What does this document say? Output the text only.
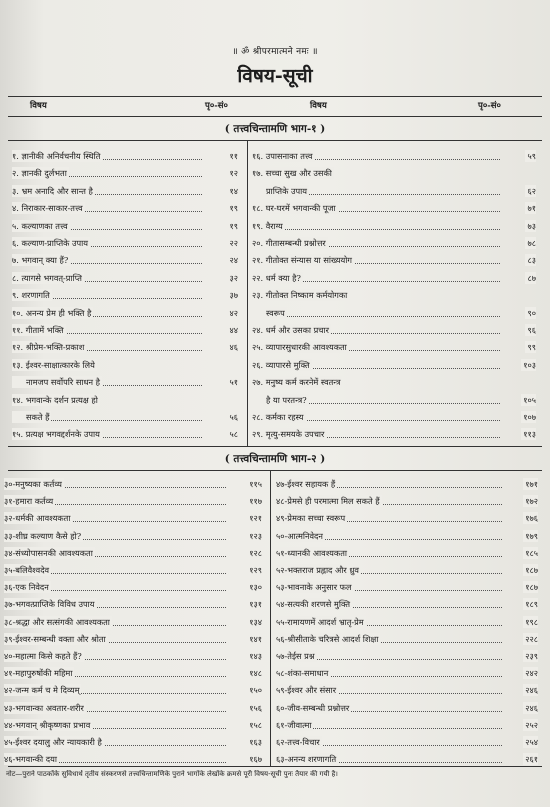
॥ ॐ श्रीपरमात्मने नमः ॥
विषय-सूची
विषय	पृ०-सं०	विषय	पृ०-सं०
( तत्त्वचिन्तामणि भाग-१ )
१. ज्ञानीकी अनिर्वचनीय स्थिति	११
२. ज्ञानकी दुर्लभता	१२
३. भ्रम अनादि और सान्त है	१४
४. निराकार-साकार-तत्त्व	१९
५. कल्याणका तत्त्व	१९
६. कल्याण-प्राप्तिके उपाय	२२
७. भगवान् क्या हैं?	२४
८. त्यागसे भगवत्-प्राप्ति	३२
९. शरणागति	३७
१०. अनन्य प्रेम ही भक्ति है	४२
११. गीतामें भक्ति	४४
१२. श्रीप्रेम-भक्ति-प्रकाश	४६
१३. ईश्वर-साक्षात्कारके लिये
नामजप सर्वोपरि साधन है	५१
१४. भगवान्के दर्शन प्रत्यक्ष हो
सकते हैं	५६
१५. प्रत्यक्ष भगवद्दर्शनके उपाय	५८
१६. उपासनाका तत्त्व	५९
१७. सच्चा सुख और उसकी
प्राप्तिके उपाय	६२
१८. घर-घरमें भगवान्की पूजा	७१
१९. वैराग्य	७३
२०. गीतासम्बन्धी प्रश्नोत्तर	७८
२१. गीतोक्त संन्यास या सांख्ययोग	८३
२२. धर्म क्या है?	८७
२३. गीतोक्त निष्काम कर्मयोगका
स्वरूप	९०
२४. धर्म और उसका प्रचार	९६
२५. व्यापारसुधारकी आवश्यकता	९९
२६. व्यापारसे मुक्ति	१०३
२७. मनुष्य कर्म करनेमें स्वतन्त्र
है या परतन्त्र?	१०५
२८. कर्मका रहस्य	१०७
२९. मृत्यु-समयके उपचार	११३
( तत्त्वचिन्तामणि भाग-२ )
३०-मनुष्यका कर्तव्य	११५
३१-हमारा कर्तव्य	११७
३२-धर्मकी आवश्यकता	१२१
३३-शीघ्र कल्याण कैसे हो?	१२३
३४-संध्योपासनकी आवश्यकता	१२८
३५-बलिवैश्वदेव	१२९
३६-एक निवेदन	१३०
३७-भगवत्प्राप्तिके विविध उपाय	१३१
३८-श्रद्धा और सत्संगकी आवश्यकता	१३४
३९-ईश्वर-सम्बन्धी वक्ता और श्रोता	१४१
४०-महात्मा किसे कहते हैं?	१४३
४१-महापुरुषोंकी महिमा	१४८
४२-जन्म कर्म च मे दिव्यम्	१५०
४३-भगवान्का अवतार-शरीर	१५६
४४-भगवान् श्रीकृष्णका प्रभाव	१५८
४५-ईश्वर दयालु और न्यायकारी है	१६३
४६-भगवान्की दया	१६७
४७-ईश्वर सहायक हैं	१७१
४८-प्रेमसे ही परमात्मा मिल सकते हैं	१७२
४९-प्रेमका सच्चा स्वरूप	१७६
५०-आत्मनिवेदन	१७९
५१-ध्यानकी आवश्यकता	१८५
५२-भक्तराज प्रह्लाद और ध्रुव	१८७
५३-भावनाके अनुसार फल	१८७
५४-सत्यकी शरणसे मुक्ति	१८९
५५-रामायणमें आदर्श भ्रातृ-प्रेम	१९८
५६-श्रीसीताके चरित्रसे आदर्श शिक्षा	२२८
५७-तेईस प्रश्न	२३९
५८-शंका-समाधान	२४२
५९-ईश्वर और संसार	२४६
६०-जीव-सम्बन्धी प्रश्नोत्तर	२४६
६१-जीवात्मा	२५२
६२-तत्त्व-विचार	२५४
६३-अनन्य शरणागति	२६१
नोट—पुराने पाठकोंके सुविधार्थ तृतीय संस्करणसे तत्त्वचिन्तामणिके पुराने भागोंके लेखोंके क्रमसे पूरी विषय-सूची पुनः तैयार की गयी है।
